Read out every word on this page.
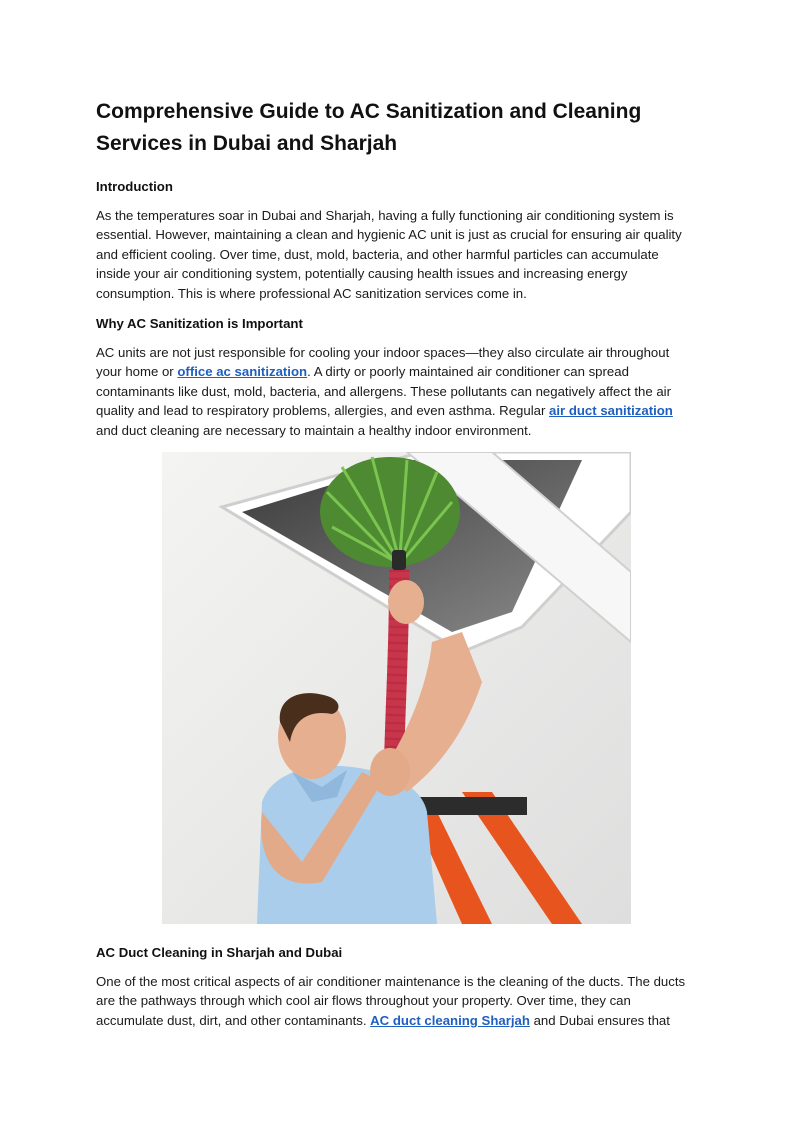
Comprehensive Guide to AC Sanitization and Cleaning Services in Dubai and Sharjah
Introduction

As the temperatures soar in Dubai and Sharjah, having a fully functioning air conditioning system is essential. However, maintaining a clean and hygienic AC unit is just as crucial for ensuring air quality and efficient cooling. Over time, dust, mold, bacteria, and other harmful particles can accumulate inside your air conditioning system, potentially causing health issues and increasing energy consumption. This is where professional AC sanitization services come in.

Why AC Sanitization is Important

AC units are not just responsible for cooling your indoor spaces—they also circulate air throughout your home or office ac sanitization. A dirty or poorly maintained air conditioner can spread contaminants like dust, mold, bacteria, and allergens. These pollutants can negatively affect the air quality and lead to respiratory problems, allergies, and even asthma. Regular air duct sanitization and duct cleaning are necessary to maintain a healthy indoor environment.

AC Duct Cleaning in Sharjah and Dubai

One of the most critical aspects of air conditioner maintenance is the cleaning of the ducts. The ducts are the pathways through which cool air flows throughout your property. Over time, they can accumulate dust, dirt, and other contaminants. AC duct cleaning Sharjah and Dubai ensures that
